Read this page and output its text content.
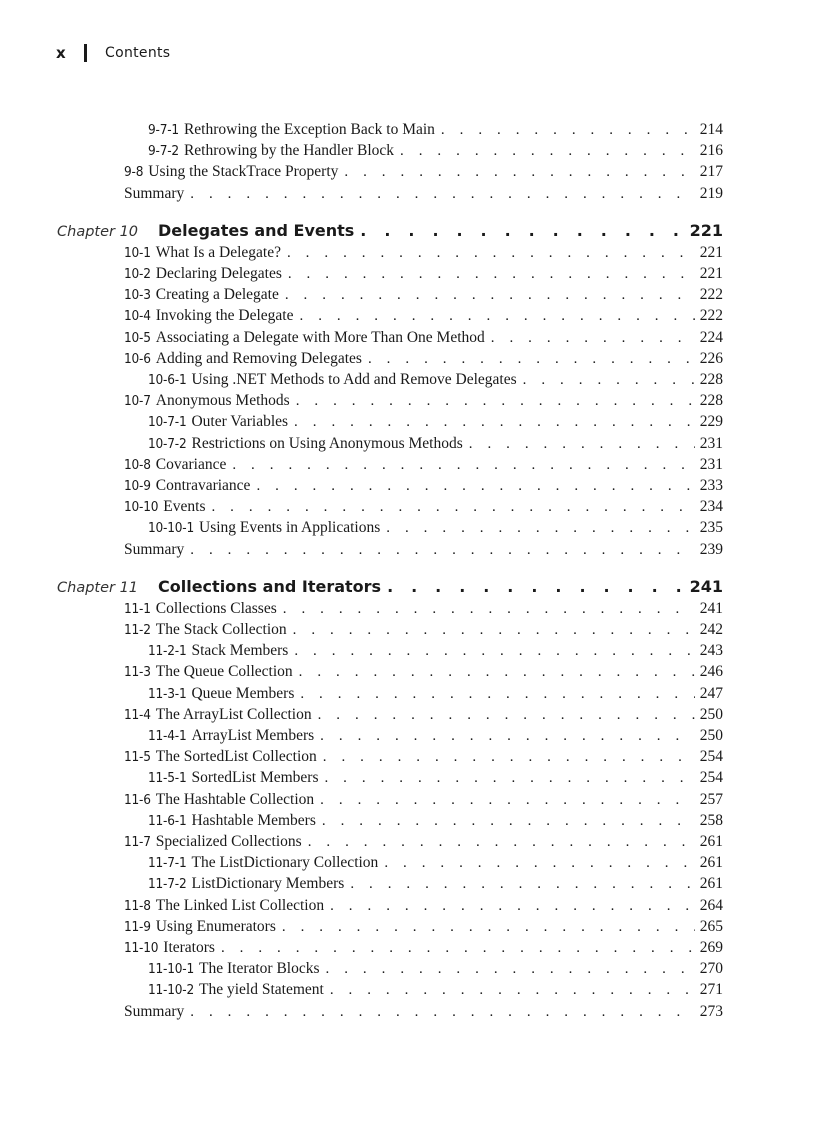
x	Contents
9-7-1 Rethrowing the Exception Back to Main . . .	214
9-7-2 Rethrowing by the Handler Block . . .	216
9-8 Using the StackTrace Property . . .	217
Summary . . .	219
Chapter 10	Delegates and Events . . .	221
10-1 What Is a Delegate? . . .	221
10-2 Declaring Delegates . . .	221
10-3 Creating a Delegate . . .	222
10-4 Invoking the Delegate . . .	222
10-5 Associating a Delegate with More Than One Method . . .	224
10-6 Adding and Removing Delegates . . .	226
10-6-1 Using .NET Methods to Add and Remove Delegates . . .	228
10-7 Anonymous Methods . . .	228
10-7-1 Outer Variables . . .	229
10-7-2 Restrictions on Using Anonymous Methods . . .	231
10-8 Covariance . . .	231
10-9 Contravariance . . .	233
10-10 Events . . .	234
10-10-1 Using Events in Applications . . .	235
Summary . . .	239
Chapter 11	Collections and Iterators . . .	241
11-1 Collections Classes . . .	241
11-2 The Stack Collection . . .	242
11-2-1 Stack Members . . .	243
11-3 The Queue Collection . . .	246
11-3-1 Queue Members . . .	247
11-4 The ArrayList Collection . . .	250
11-4-1 ArrayList Members . . .	250
11-5 The SortedList Collection . . .	254
11-5-1 SortedList Members . . .	254
11-6 The Hashtable Collection . . .	257
11-6-1 Hashtable Members . . .	258
11-7 Specialized Collections . . .	261
11-7-1 The ListDictionary Collection . . .	261
11-7-2 ListDictionary Members . . .	261
11-8 The Linked List Collection . . .	264
11-9 Using Enumerators . . .	265
11-10 Iterators . . .	269
11-10-1 The Iterator Blocks . . .	270
11-10-2 The yield Statement . . .	271
Summary . . .	273
